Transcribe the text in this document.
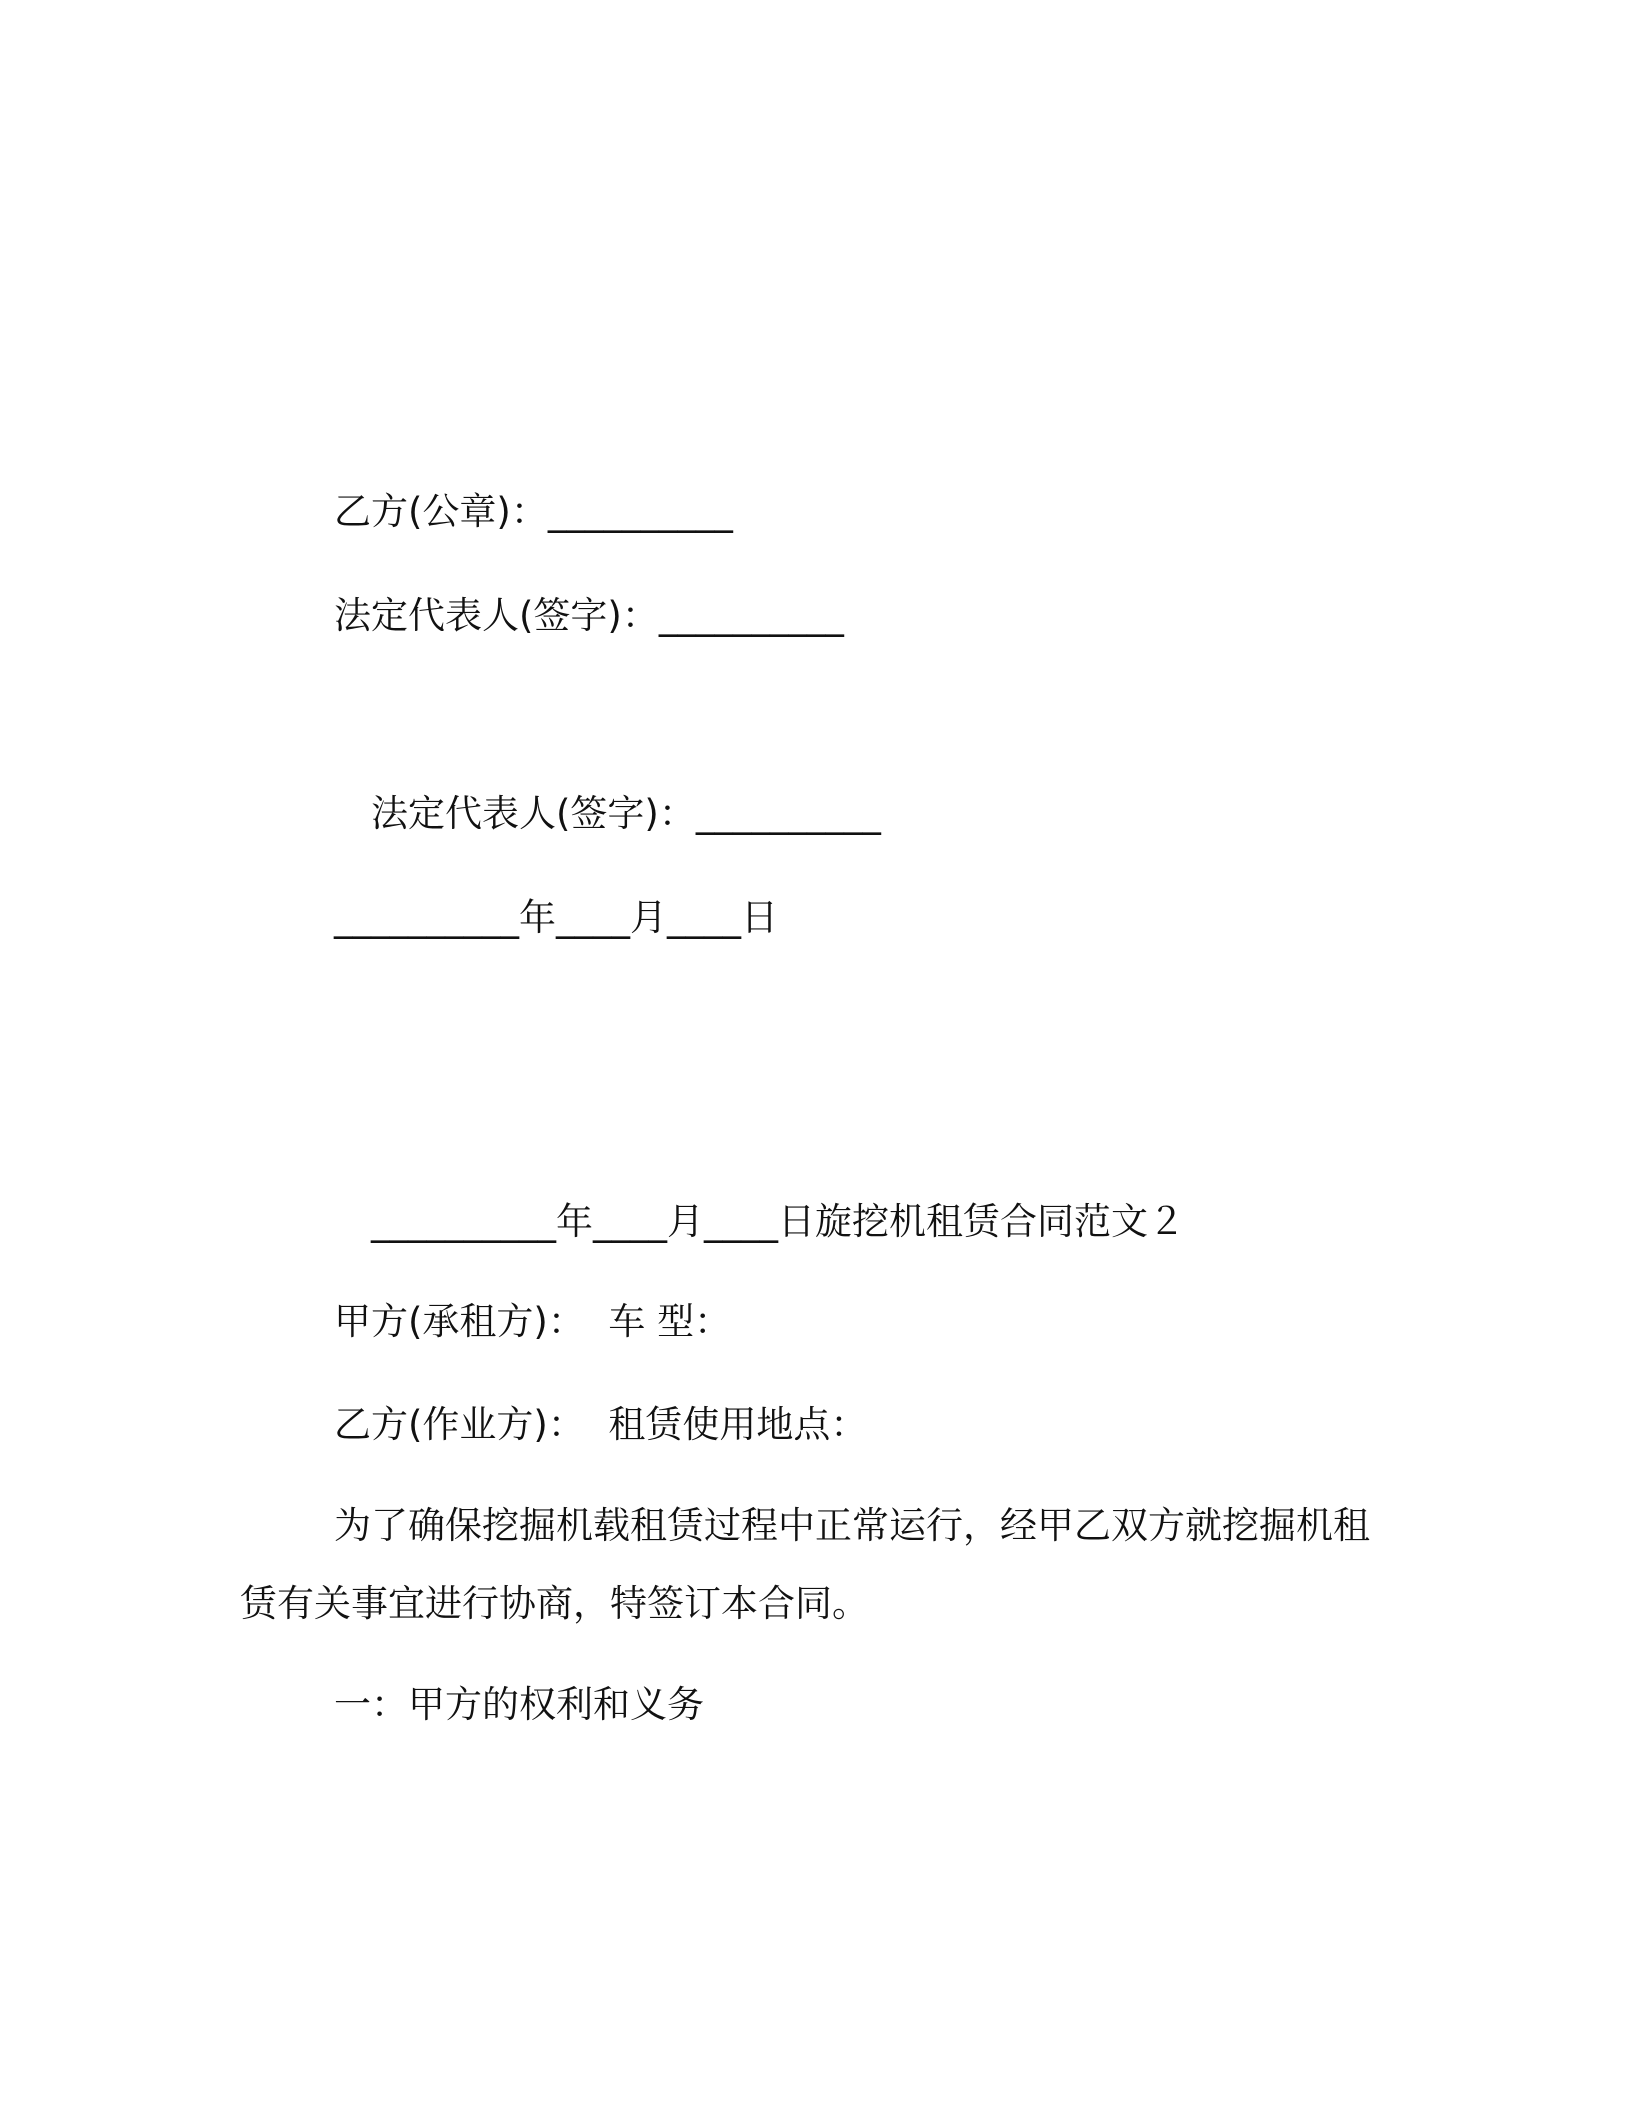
乙方(公章)：__________
法定代表人(签字)：__________
法定代表人(签字)：__________
__________年____月____日
__________年____月____日旋挖机租赁合同范文２
甲方(承租方)：  车 型：
乙方(作业方)：  租赁使用地点：
为了确保挖掘机载租赁过程中正常运行，经甲乙双方就挖掘机租
赁有关事宜进行协商，特签订本合同。
一：甲方的权利和义务
